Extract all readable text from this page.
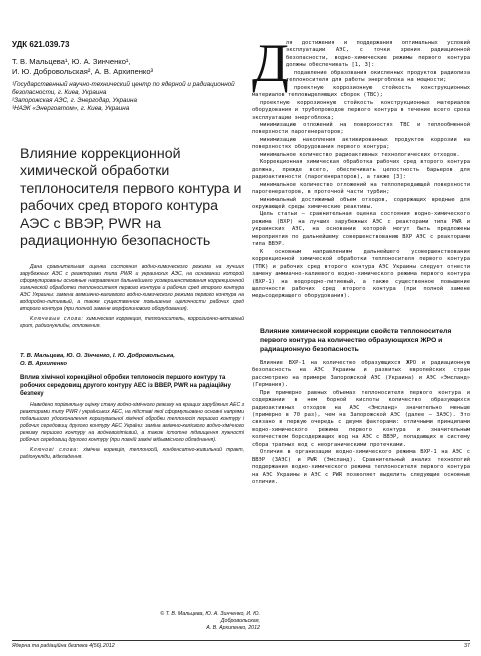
УДК 621.039.73
Т. В. Мальцева¹, Ю. А. Зинченко¹,
И. Ю. Добровольская², А. В. Архипенко³
¹Государственный научно-технический центр по ядерной и радиационной безопасности, г. Киев, Украина
²Запорожская АЭС, г. Энергодар, Украина
³НАЭК «Энергоатом», г. Киев, Украина
Влияние коррекционной химической обработки теплоносителя первого контура и рабочих сред второго контура АЭС с ВВЭР, PWR на радиационную безопасность

Дана сравнительная оценка состояния водно-химического режима на лучших зарубежных АЭС с реакторами типа PWR и украинских АЭС, на основании которой сформулированы основные направления дальнейшего усовершенствования коррекционной химической обработки теплоносителя первого контура и рабочих сред второго контура АЭС Украины: замена аммиачно-калиевого водно-химического режима первого контура на водородно-литиевый, а также существенное повышение щелочности рабочих сред второго контура (при полной замене морфолинового оборудования).

Ключевые слова: химическая коррекция, теплоноситель, коррозионно-активный грит, радионуклиды, отложения.

Т. В. Мальцева, Ю. О. Зінченко, І. Ю. Добровольська,
О. В. Архипенко
Вплив хімічної корекційної обробки теплоносія першого контуру та робочих середовищ другого контуру АЕС із ВВЕР, PWR на радіаційну безпеку

Наведено порівняльну оцінку стану водно-хімічного режиму на кращих зарубіжних АЕС з реакторами типу PWR і українських АЕС, на підставі якої сформульовано основні напрями подальшого удосконалення коригувальної хімічної обробки теплоносія першого контуру і робочих середовищ другого контуру АЕС України: заміна аміачно-калієвого водно-хімічного режиму першого контуру на водневолітієвий, а також істотне підвищення лужності робочих середовищ другого контуру (при повній заміні мідьвмісного обладнання).

Ключові слова: хімічна корекція, теплоносій, конденсатно-живильний тракт, радіонукліди, відкладення.

© Т. В. Мальцева, Ю. А. Зинченко, И. Ю. Добровольская,
А. В. Архипенко, 2012
Д

ля достижения и поддержания оптимальных условий эксплуатации АЭС, с точки зрения радиационной безопасности, водно-химические режимы первого контура должны обеспечивать [1, 3]:

подавление образования окисленных продуктов радиолиза теплоносителя для работы энергоблока на мощности;

проектную коррозионную стойкость конструкционных материалов тепловыделяющих сборок (ТВС);

проектную коррозионную стойкость конструкционных материалов оборудования и трубопроводов первого контура в течение всего срока эксплуатации энергоблока;

минимизацию отложений на поверхностях ТВС и теплообменной поверхности парогенераторов;

минимизацию накопления активированных продуктов коррозии на поверхностях оборудования первого контура;

минимальное количество радиоактивных технологических отходов.

Коррекционная химическая обработка рабочих сред второго контура должна, прежде всего, обеспечивать целостность барьеров для радиоактивности (парогенераторов), а также [3]:

минимальное количество отложений на теплопередающей поверхности парогенераторов, в проточной части турбин;

минимальный достижимый объем отходов, содержащих вредные для окружающей среды химические реактивы.

Цель статьи — сравнительная оценка состояния водно-химического режима (ВХР) на лучших зарубежных АЭС с реакторами типа PWR и украинских АЭС, на основании которой могут быть предложены мероприятия по дальнейшему совершенствованию ВХР АЭС с реакторами типа ВВЭР.

К основным направлениям дальнейшего усовершенствования коррекционной химической обработки теплоносителя первого контура (ТПК) и рабочих сред второго контура АЭС Украины следует отнести замену аммиачно-калиевого водно-химического режима первого контура (ВХР-1) на водородно-литиевый, а также существенное повышение щелочности рабочих сред второго контура (при полной замене медьсодержащего оборудования).

Влияние химической коррекции свойств теплоносителя первого контура на количество образующихся ЖРО и радиационную безопасность

Влияние ВХР-1 на количество образующихся ЖРО и радиационную безопасность на АЭС Украины и развитых европейских стран рассмотрено на примере Запорожской АЭС (Украина) и АЭС «Эмсланд» (Германия).

При примерно равных объемах теплоносителя первого контура и содержании в нем борной кислоты количество образующихся радиоактивных отходов на АЭС «Эмсланд» значительно меньше (примерно в 70 раз), чем на Запорожской АЭС (далее — ЗАЭС). Это связано в первую очередь с двумя факторами: отличными принципами водно-химического режима первого контура и значительным количеством борсодержащих вод на АЭС с ВВЭР, попадающих в систему сбора трапных вод с неорганическими протечками.

Отличия в организации водно-химического режима ВХР-1 на АЭС с ВВЭР (ЗАЭС) и PWR (Эмсланд). Сравнительный анализ технологий поддержания водно-химического режима теплоносителя первого контура на АЭС Украины и АЭС с PWR позволяет выделить следующие основные отличия.

Ядерна та радіаційна безпека 4(56).2012	37
